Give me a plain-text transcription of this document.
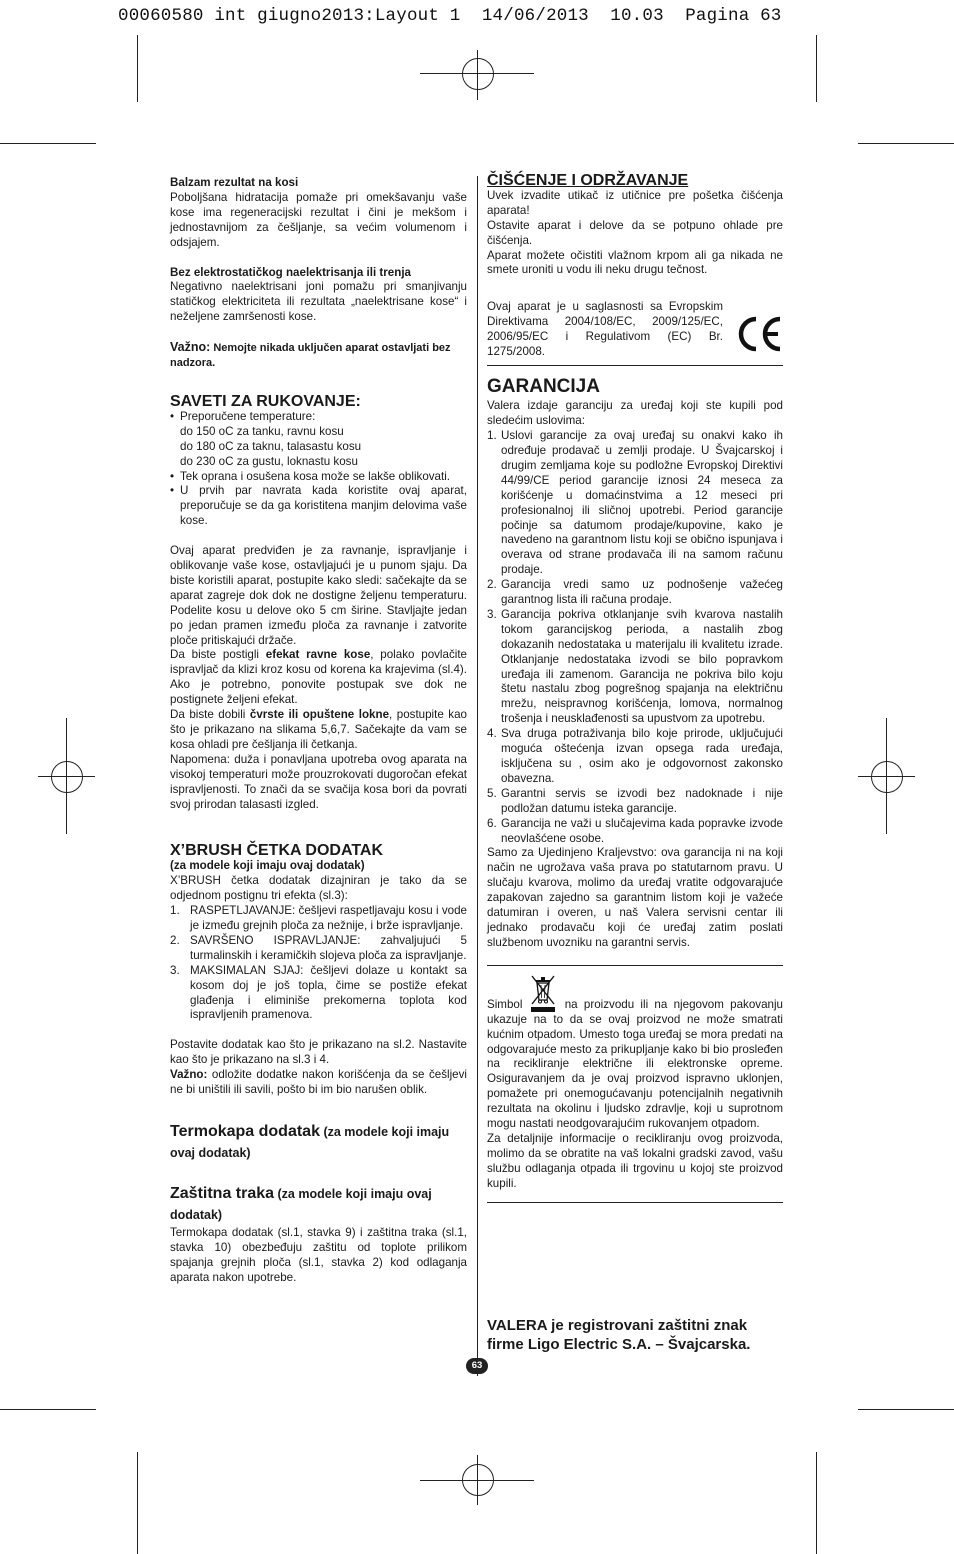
00060580 int giugno2013:Layout 1  14/06/2013  10.03  Pagina 63
Balzam rezultat na kosi

Poboljšana hidratacija pomaže pri omekšavanju vaše kose ima regeneracijski rezultat i čini je mekšom i jednostavnijom za češljanje, sa većim volumenom i odsjajem.

Bez elektrostatičkog naelektrisanja ili trenja

Negativno naelektrisani joni pomažu pri smanjivanju statičkog elektriciteta ili rezultata „naelektrisane kose“ i neželjene zamršenosti kose.

Važno: Nemojte nikada uključen aparat ostavljati bez nadzora.

SAVETI ZA RUKOVANJE:
• Preporučene temperature:
do 150 oC za tanku, ravnu kosu
do 180 oC za taknu, talasastu kosu
do 230 oC za gustu, loknastu kosu
• Tek oprana i osušena kosa može se lakše oblikovati.
• U prvih par navrata kada koristite ovaj aparat, preporučuje se da ga koristitena manjim delovima vaše kose.

Ovaj aparat predviđen je za ravnanje, ispravljanje i oblikovanje vaše kose, ostavljajući je u punom sjaju. Da biste koristili aparat, postupite kako sledi: sačekajte da se aparat zagreje dok dok ne dostigne željenu temperaturu. Podelite kosu u delove oko 5 cm širine. Stavljajte jedan po jedan pramen između ploča za ravnanje i zatvorite ploče pritiskajući držače.

Da biste postigli efekat ravne kose, polako povlačite ispravljač da klizi kroz kosu od korena ka krajevima (sl.4). Ako je potrebno, ponovite postupak sve dok ne postignete željeni efekat.

Da biste dobili čvrste ili opuštene lokne, postupite kao što je prikazano na slikama 5,6,7. Sačekajte da vam se kosa ohladi pre češljanja ili četkanja.

Napomena: duža i ponavljana upotreba ovog aparata na visokoj temperaturi može prouzrokovati dugoročan efekat ispravljenosti. To znači da se svačija kosa bori da povrati svoj prirodan talasasti izgled.

X’BRUSH ČETKA DODATAK
(za modele koji imaju ovaj dodatak)

X’BRUSH četka dodatak dizajniran je tako da se odjednom postignu tri efekta (sl.3):

1. RASPETLJAVANJE: češljevi raspetljavaju kosu i vode je između grejnih ploča za nežnije, i brže ispravljanje.
2. SAVRŠENO ISPRAVLJANJE: zahvaljujući 5 turmalinskih i keramičkih slojeva ploča za ispravljanje.
3. MAKSIMALAN SJAJ: češljevi dolaze u kontakt sa kosom doj je još topla, čime se postiže efekat glađenja i eliminiše prekomerna toplota kod ispravljenih pramenova.

Postavite dodatak kao što je prikazano na sl.2. Nastavite kao što je prikazano na sl.3 i 4.

Važno: odložite dodatke nakon korišćenja da se češljevi ne bi uništili ili savili, pošto bi im bio narušen oblik.

Termokapa dodatak (za modele koji imaju ovaj dodatak)

Zaštitna traka (za modele koji imaju ovaj dodatak)

Termokapa dodatak (sl.1, stavka 9) i zaštitna traka (sl.1, stavka 10) obezbeđuju zaštitu od toplote prilikom spajanja grejnih ploča (sl.1, stavka 2) kod odlaganja aparata nakon upotrebe.

ČIŠĆENJE I ODRŽAVANJE

Uvek izvadite utikač iz utičnice pre pošetka čišćenja aparata!

Ostavite aparat i delove da se potpuno ohlade pre čišćenja.

Aparat možete očistiti vlažnom krpom ali ga nikada ne smete uroniti u vodu ili neku drugu tečnost.

Ovaj aparat je u saglasnosti sa Evropskim Direktivama 2004/108/EC, 2009/125/EC, 2006/95/EC i Regulativom (EC) Br. 1275/2008.

GARANCIJA

Valera izdaje garanciju za uređaj koji ste kupili pod sledećim uslovima:

1. Uslovi garancije za ovaj uređaj su onakvi kako ih određuje prodavač u zemlji prodaje. U Švajcarskoj i drugim zemljama koje su podložne Evropskoj Direktivi 44/99/CE period garancije iznosi 24 meseca za korišćenje u domaćinstvima a 12 meseci pri profesionalnoj ili sličnoj upotrebi. Period garancije počinje sa datumom prodaje/kupovine, kako je navedeno na garantnom listu koji se obično ispunjava i overava od strane prodavača ili na samom računu prodaje.
2. Garancija vredi samo uz podnošenje važećeg garantnog lista ili računa prodaje.
3. Garancija pokriva otklanjanje svih kvarova nastalih tokom garancijskog perioda, a nastalih zbog dokazanih nedostataka u materijalu ili kvalitetu izrade. Otklanjanje nedostataka izvodi se bilo popravkom uređaja ili zamenom. Garancija ne pokriva bilo koju štetu nastalu zbog pogrešnog spajanja na električnu mrežu, neispravnog korišćenja, lomova, normalnog trošenja i neusklađenosti sa upustvom za upotrebu.
4. Sva druga potraživanja bilo koje prirode, uključujući moguća oštećenja izvan opsega rada uređaja, isključena su , osim ako je odgovornost zakonsko obavezna.
5. Garantni servis se izvodi bez nadoknade i nije podložan datumu isteka garancije.
6. Garancija ne važi u slučajevima kada popravke izvode neovlašćene osobe.

Samo za Ujedinjeno Kraljevstvo: ova garancija ni na koji način ne ugrožava vaša prava po statutarnom pravu. U slučaju kvarova, molimo da uređaj vratite odgovarajuće zapakovan zajedno sa garantnim listom koji je važeće datumiran i overen, u naš Valera servisni centar ili jednako prodavaču koji će uređaj zatim poslati službenom uvozniku na garantni servis.

Simbol	na proizvodu ili na njegovom pakovanju ukazuje na to da se ovaj proizvod ne može smatrati kućnim otpadom. Umesto toga uređaj se mora predati na odgovarajuće mesto za prikupljanje kako bi bio prosleđen na recikliranje električne ili elektronske opreme. Osiguravanjem da je ovaj proizvod ispravno uklonjen, pomažete pri onemogućavanju potencijalnih negativnih rezultata na okolinu i ljudsko zdravlje, koji u suprotnom mogu nastati neodgovarajućim rukovanjem otpadom.

Za detaljnije informacije o recikliranju ovog proizvoda, molimo da se obratite na vaš lokalni gradski zavod, vašu službu odlaganja otpada ili trgovinu u kojoj ste proizvod kupili.

VALERA je registrovani zaštitni znak firme Ligo Electric S.A. – Švajcarska.
63
